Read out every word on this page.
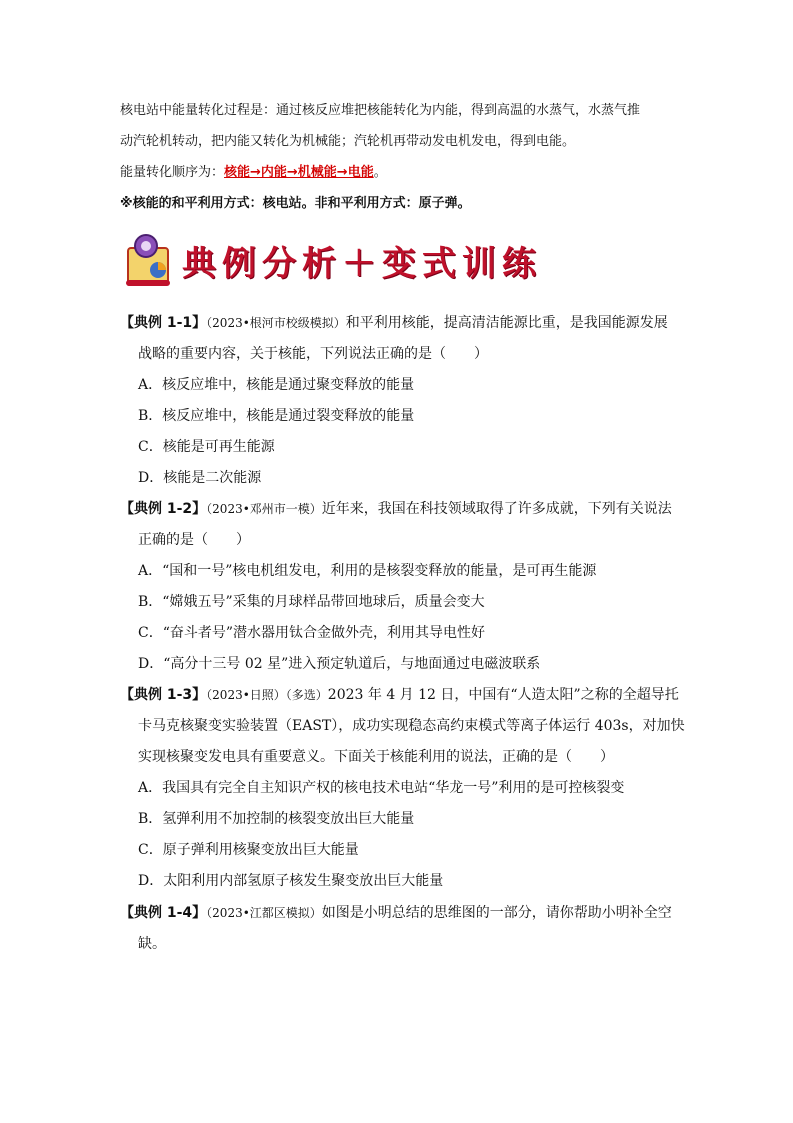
核电站中能量转化过程是：通过核反应堆把核能转化为内能，得到高温的水蒸气，水蒸气推
动汽轮机转动，把内能又转化为机械能；汽轮机再带动发电机发电，得到电能。
能量转化顺序为：核能→内能→机械能→电能。
※核能的和平利用方式：核电站。非和平利用方式：原子弹。
典例分析＋变式训练
【典例 1-1】（2023•根河市校级模拟）和平利用核能，提高清洁能源比重，是我国能源发展
战略的重要内容，关于核能，下列说法正确的是（　　）
A．核反应堆中，核能是通过聚变释放的能量
B．核反应堆中，核能是通过裂变释放的能量
C．核能是可再生能源
D．核能是二次能源
【典例 1-2】（2023•邓州市一模）近年来，我国在科技领域取得了许多成就，下列有关说法
正确的是（　　）
A．“国和一号”核电机组发电，利用的是核裂变释放的能量，是可再生能源
B．“嫦娥五号”采集的月球样品带回地球后，质量会变大
C．“奋斗者号”潜水器用钛合金做外壳，利用其导电性好
D．“高分十三号 02 星”进入预定轨道后，与地面通过电磁波联系
【典例 1-3】（2023•日照）（多选）2023 年 4 月 12 日，中国有“人造太阳”之称的全超导托
卡马克核聚变实验装置（EAST），成功实现稳态高约束模式等离子体运行 403s，对加快
实现核聚变发电具有重要意义。下面关于核能利用的说法，正确的是（　　）
A．我国具有完全自主知识产权的核电技术电站“华龙一号”利用的是可控核裂变
B．氢弹利用不加控制的核裂变放出巨大能量
C．原子弹利用核聚变放出巨大能量
D．太阳利用内部氢原子核发生聚变放出巨大能量
【典例 1-4】（2023•江都区模拟）如图是小明总结的思维图的一部分，请你帮助小明补全空
缺。
